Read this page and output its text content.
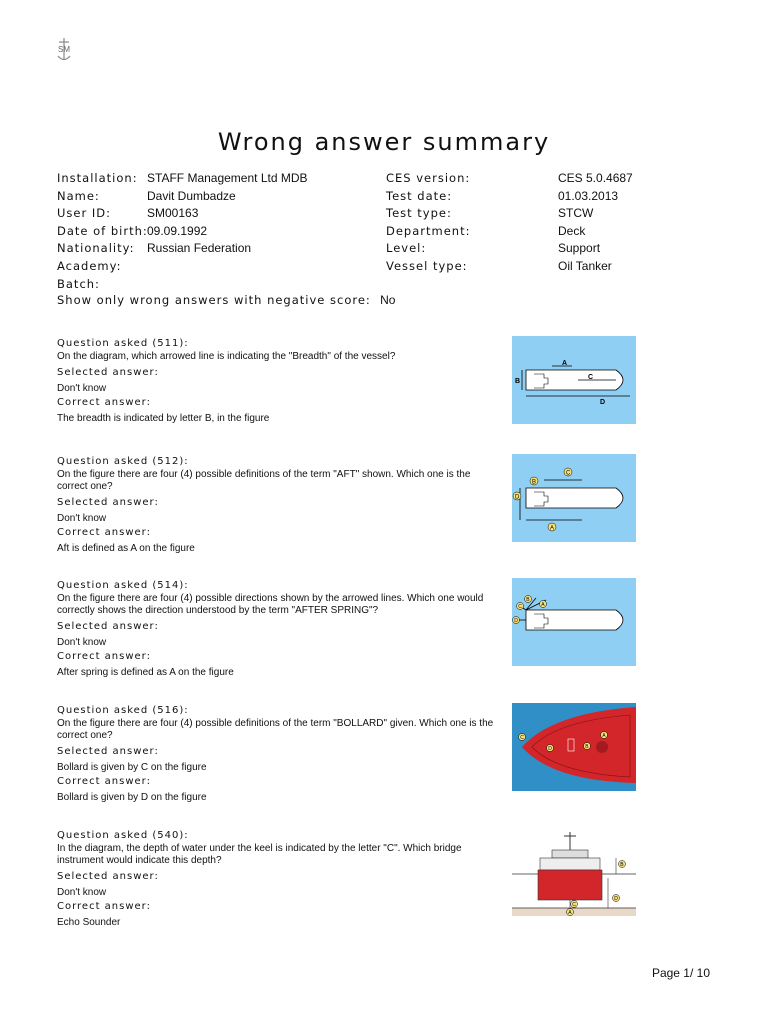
SM
Wrong answer summary
Installation: STAFF Management Ltd MDB
Name:	Davit Dumbadze
User ID:	SM00163
Date of birth:09.09.1992
Nationality: Russian Federation
Academy:
Batch:
CES version:	CES 5.0.4687
Test date:	01.03.2013
Test type:	STCW
Department:	Deck
Level:	Support
Vessel type:	Oil Tanker
Show only wrong answers with negative score: No
Question asked (511):
On the diagram, which arrowed line is indicating the "Breadth" of the vessel?
Selected answer:
Don't know
Correct answer:
The breadth is indicated by letter B, in the figure
Question asked (512):
On the figure there are four (4) possible definitions of the term "AFT" shown. Which one is the correct one?
Selected answer:
Don't know
Correct answer:
Aft is defined as A on the figure
Question asked (514):
On the figure there are four (4) possible directions shown by the arrowed lines. Which one would correctly shows the direction understood by the term "AFTER SPRING"?
Selected answer:
Don't know
Correct answer:
After spring is defined as A on the figure
Question asked (516):
On the figure there are four (4) possible definitions of the term "BOLLARD" given. Which one is the correct one?
Selected answer:
Bollard is given by C on the figure
Correct answer:
Bollard is given by D on the figure
Question asked (540):
In the diagram, the depth of water under the keel is indicated by the letter "C". Which bridge instrument would indicate this depth?
Selected answer:
Don't know
Correct answer:
Echo Sounder
A
B
C
D
C
B
D
A
B
C	A
D
C
D	B
A
B
D
C
A
Page 1/ 10
